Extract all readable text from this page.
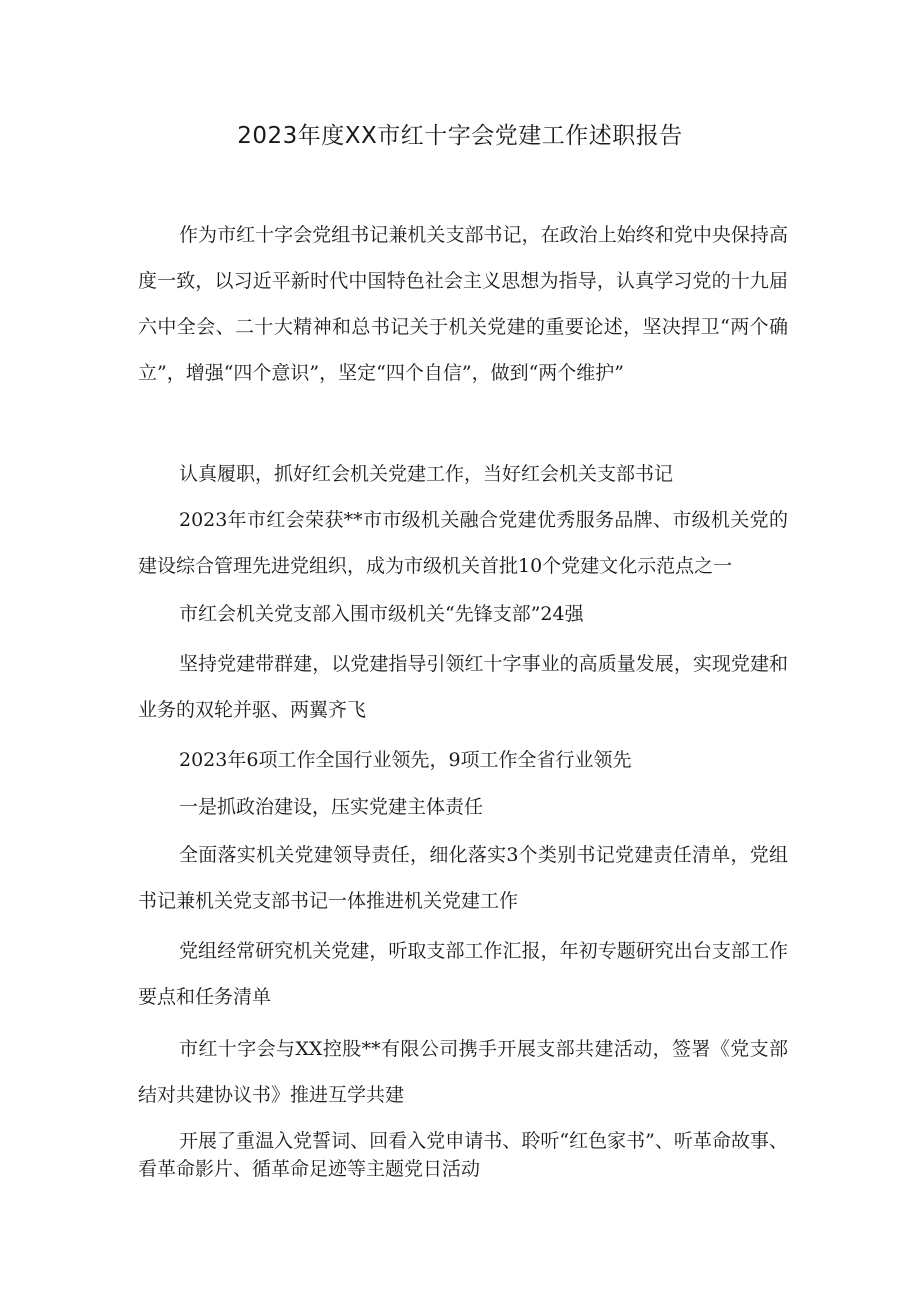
2023年度XX市红十字会党建工作述职报告

作为市红十字会党组书记兼机关支部书记，在政治上始终和党中央保持高度一致，以习近平新时代中国特色社会主义思想为指导，认真学习党的十九届六中全会、二十大精神和总书记关于机关党建的重要论述，坚决捍卫“两个确立”，增强“四个意识”，坚定“四个自信”，做到“两个维护”

认真履职，抓好红会机关党建工作，当好红会机关支部书记

2023年市红会荣获**市市级机关融合党建优秀服务品牌、市级机关党的建设综合管理先进党组织，成为市级机关首批10个党建文化示范点之一

市红会机关党支部入围市级机关“先锋支部”24强

坚持党建带群建，以党建指导引领红十字事业的高质量发展，实现党建和业务的双轮并驱、两翼齐飞

2023年6项工作全国行业领先，9项工作全省行业领先

一是抓政治建设，压实党建主体责任

全面落实机关党建领导责任，细化落实3个类别书记党建责任清单，党组书记兼机关党支部书记一体推进机关党建工作

党组经常研究机关党建，听取支部工作汇报，年初专题研究出台支部工作要点和任务清单

市红十字会与XX控股**有限公司携手开展支部共建活动，签署《党支部结对共建协议书》推进互学共建

开展了重温入党誓词、回看入党申请书、聆听“红色家书”、听革命故事、看革命影片、循革命足迹等主题党日活动
